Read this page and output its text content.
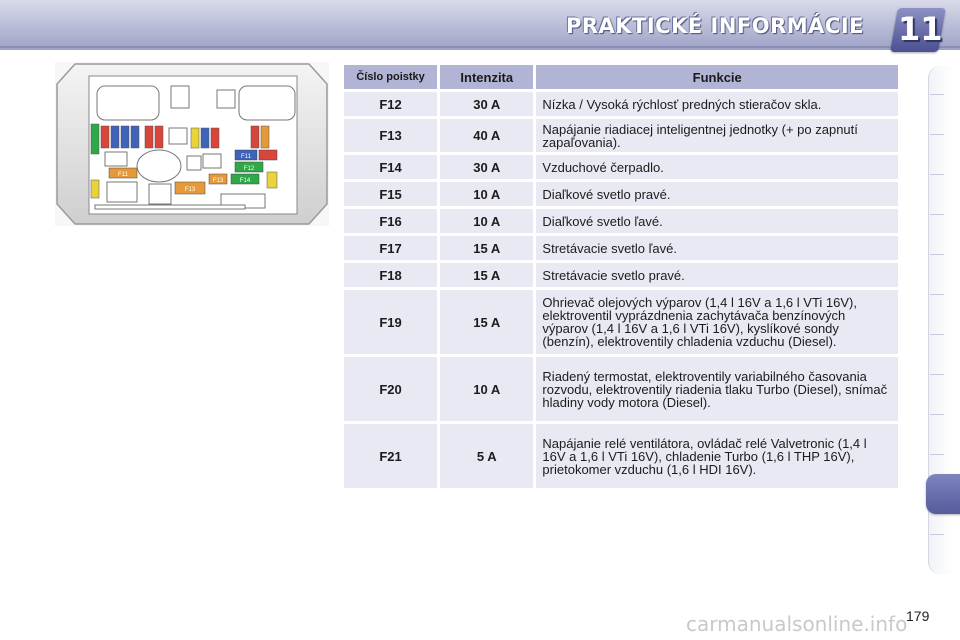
PRAKTICKÉ INFORMÁCIE 11
F11
F12
F13	F14
F11
F13
Číslo poistky	Intenzita	Funkcie
F12	30 A	Nízka / Vysoká rýchlosť predných stieračov skla.
F13	40 A	Napájanie riadiacej inteligentnej jednotky (+ po zapnutí zapaľovania).
F14	30 A	Vzduchové čerpadlo.
F15	10 A	Diaľkové svetlo pravé.
F16	10 A	Diaľkové svetlo ľavé.
F17	15 A	Stretávacie svetlo ľavé.
F18	15 A	Stretávacie svetlo pravé.
F19	15 A	Ohrievač olejových výparov (1,4 l 16V a 1,6 l VTi 16V), elektroventil vyprázdnenia zachytávača benzínových výparov (1,4 l 16V a 1,6 l VTi 16V), kyslíkové sondy (benzín), elektroventily chladenia vzduchu (Diesel).
F20	10 A	Riadený termostat, elektroventily variabilného časovania rozvodu, elektroventily riadenia tlaku Turbo (Diesel), snímač hladiny vody motora (Diesel).
F21	5 A	Napájanie relé ventilátora, ovládač relé Valvetronic (1,4 l 16V a 1,6 l VTi 16V), chladenie Turbo (1,6 l THP 16V), prietokomer vzduchu (1,6 l HDI 16V).
carmanualsonline.info
179
